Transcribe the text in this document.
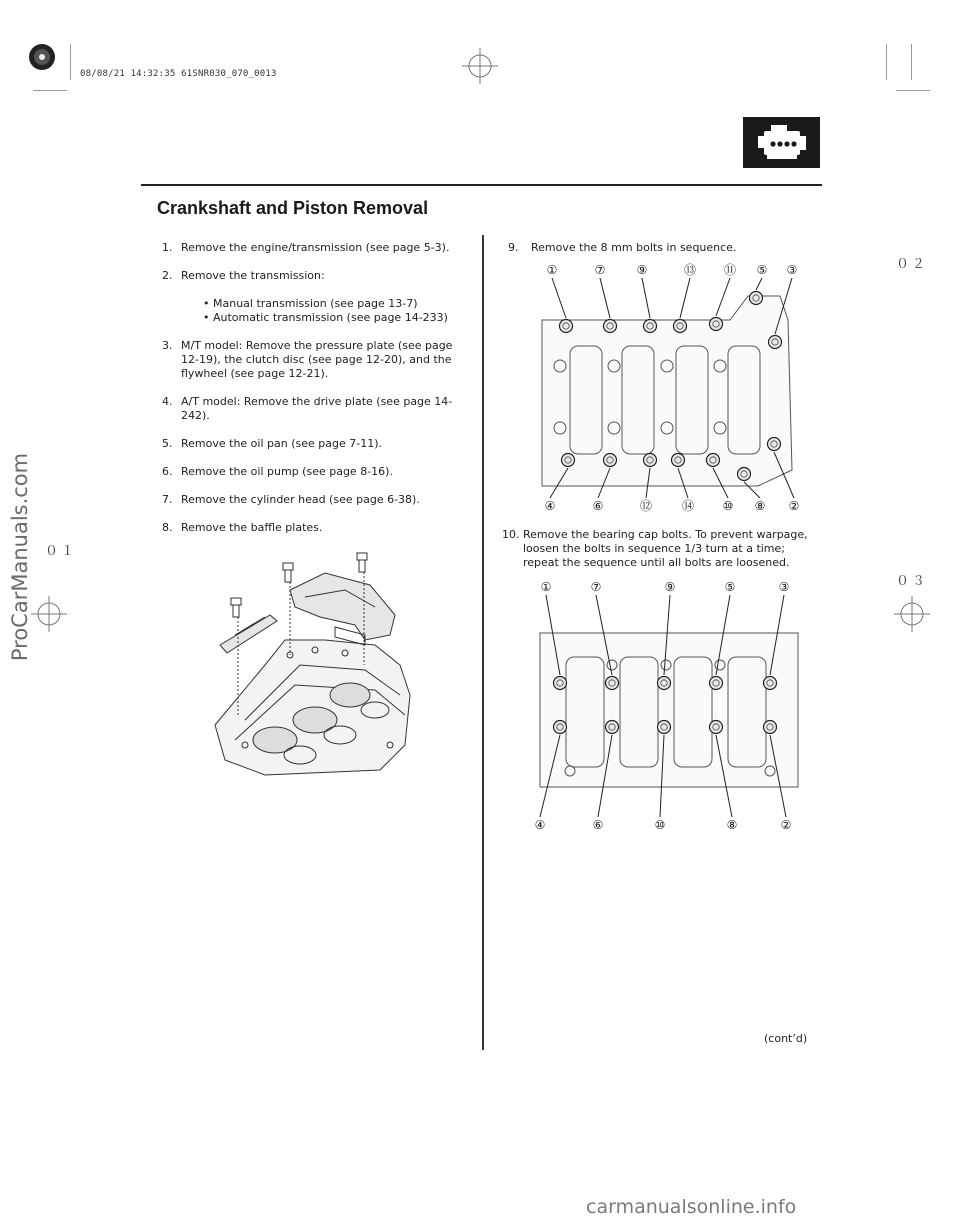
08/08/21 14:32:35 61SNR030_070_0013
０２
０１
０３
ProCarManuals.com
carmanualsonline.info
Crankshaft and Piston Removal
1. Remove the engine/transmission (see page 5-3).
2. Remove the transmission:
• Manual transmission (see page 13-7)
• Automatic transmission (see page 14-233)
3. M/T model: Remove the pressure plate (see page 12-19), the clutch disc (see page 12-20), and the flywheel (see page 12-21).
4. A/T model: Remove the drive plate (see page 14-242).
5. Remove the oil pan (see page 7-11).
6. Remove the oil pump (see page 8-16).
7. Remove the cylinder head (see page 6-38).
8. Remove the baffle plates.
9.	Remove the 8 mm bolts in sequence.
①	⑦	⑨	⑬ ⑪ ⑤ ③
④	⑥	⑫ ⑭ ⑩ ⑧ ②
10. Remove the bearing cap bolts. To prevent warpage, loosen the bolts in sequence 1/3 turn at a time; repeat the sequence until all bolts are loosened.
①	⑦	⑨	⑤	③
④	⑥	⑩	⑧	②
(cont’d)
